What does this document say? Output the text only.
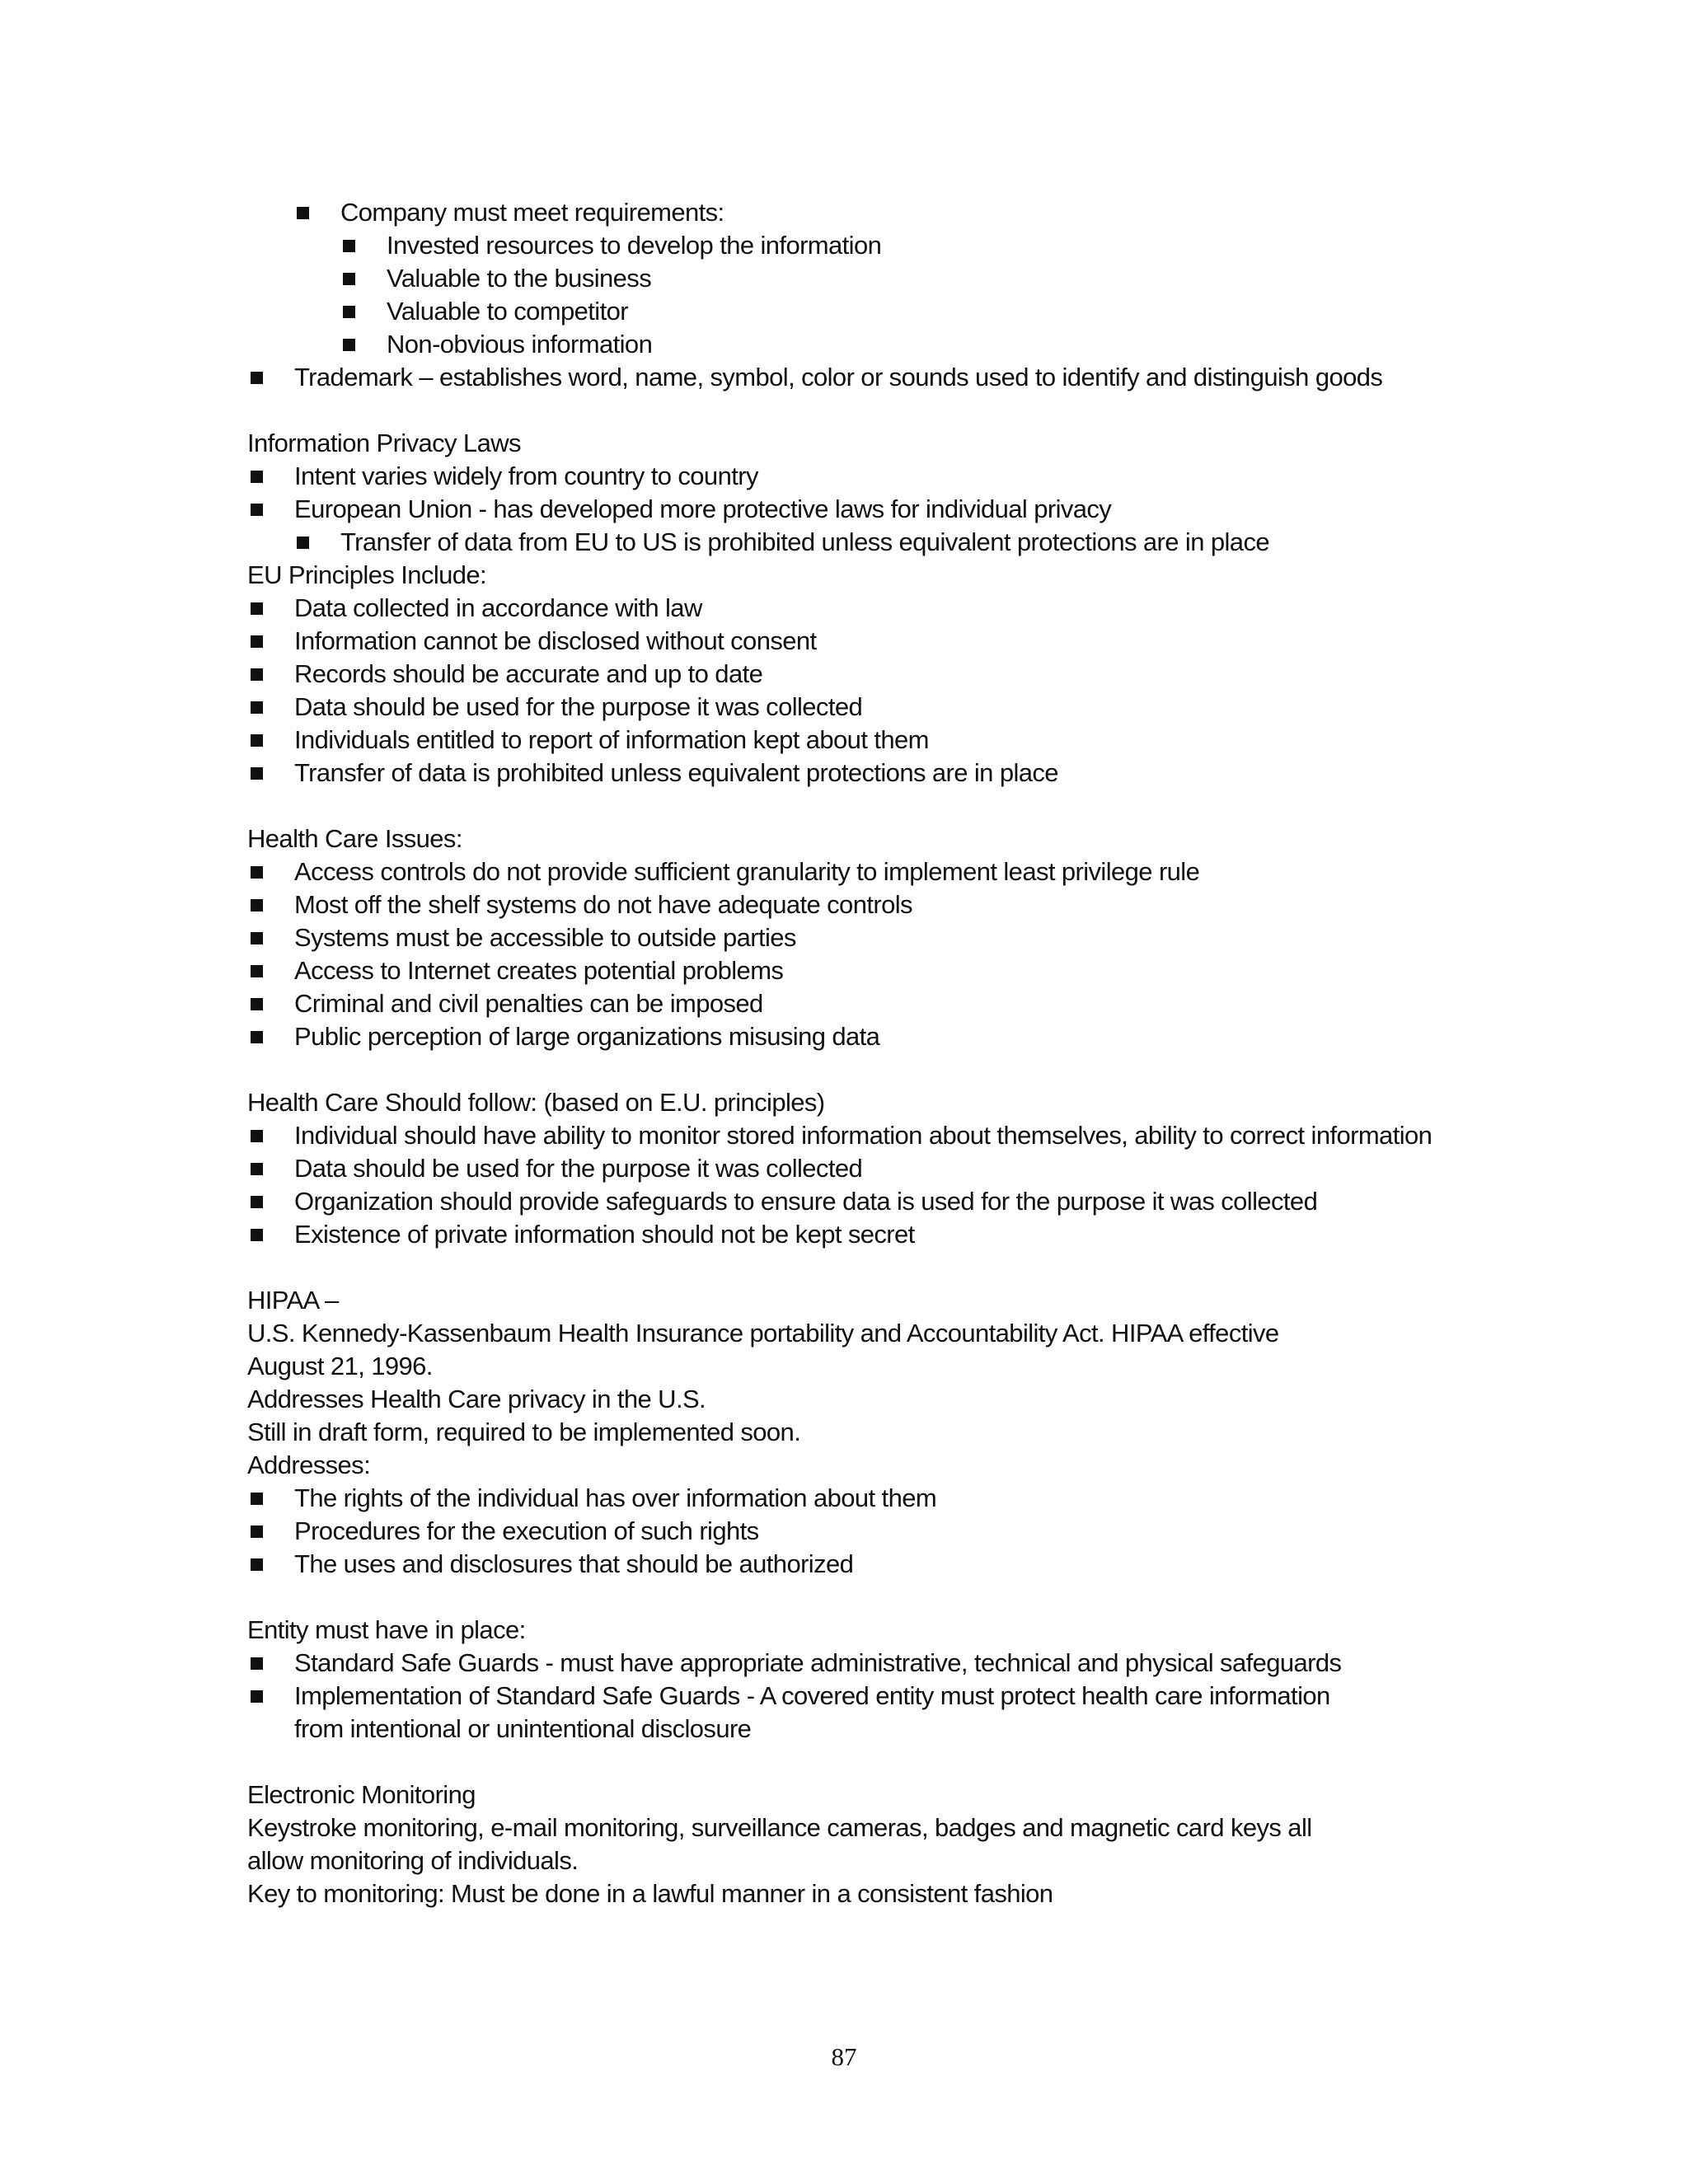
Company must meet requirements:
Invested resources to develop the information
Valuable to the business
Valuable to competitor
Non-obvious information
Trademark – establishes word, name, symbol, color or sounds used to identify and distinguish goods
Information Privacy Laws
Intent varies widely from country to country
European Union - has developed more protective laws for individual privacy
Transfer of data from EU to US is prohibited unless equivalent protections are in place
EU Principles Include:
Data collected in accordance with law
Information cannot be disclosed without consent
Records should be accurate and up to date
Data should be used for the purpose it was collected
Individuals entitled to report of information kept about them
Transfer of data is prohibited unless equivalent protections are in place
Health Care Issues:
Access controls do not provide sufficient granularity to implement least privilege rule
Most off the shelf systems do not have adequate controls
Systems must be accessible to outside parties
Access to Internet creates potential problems
Criminal and civil penalties can be imposed
Public perception of large organizations misusing data
Health Care Should follow: (based on E.U. principles)
Individual should have ability to monitor stored information about themselves, ability to correct information
Data should be used for the purpose it was collected
Organization should provide safeguards to ensure data is used for the purpose it was collected
Existence of private information should not be kept secret
HIPAA –
U.S. Kennedy-Kassenbaum Health Insurance portability and Accountability Act. HIPAA effective
August 21, 1996.
Addresses Health Care privacy in the U.S.
Still in draft form, required to be implemented soon.
Addresses:
The rights of the individual has over information about them
Procedures for the execution of such rights
The uses and disclosures that should be authorized
Entity must have in place:
Standard Safe Guards - must have appropriate administrative, technical and physical safeguards
Implementation of Standard Safe Guards - A covered entity must protect health care information from intentional or unintentional disclosure
Electronic Monitoring
Keystroke monitoring, e-mail monitoring, surveillance cameras, badges and magnetic card keys all
allow monitoring of individuals.
Key to monitoring: Must be done in a lawful manner in a consistent fashion
87
